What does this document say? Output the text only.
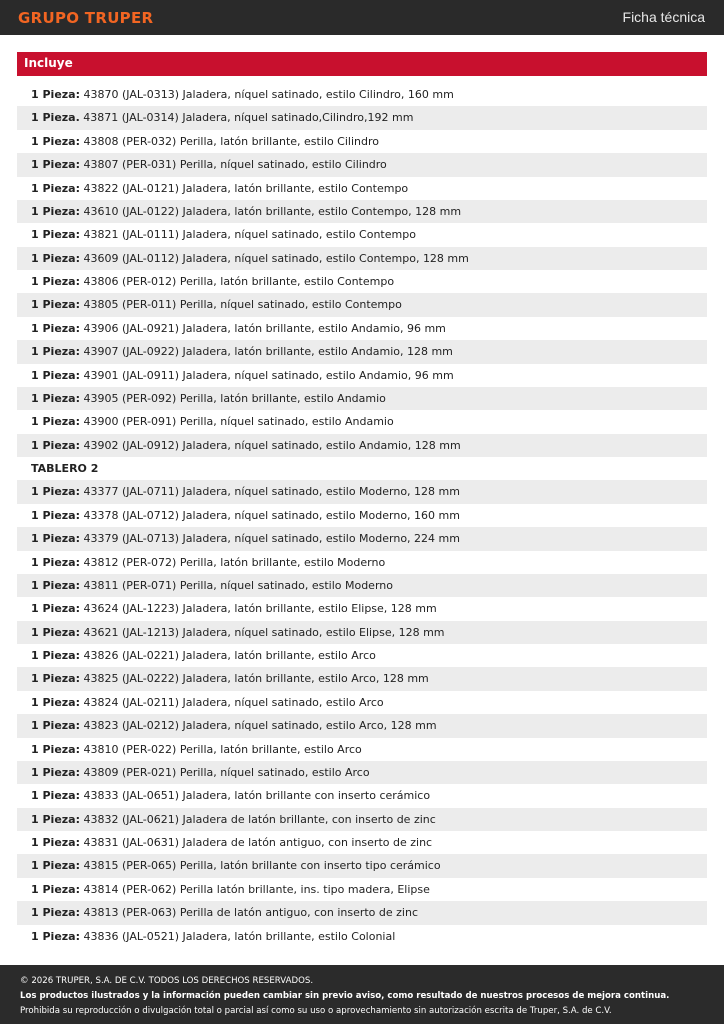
GRUPO TRUPER	Ficha técnica
Incluye
1 Pieza: 43870 (JAL-0313) Jaladera, níquel satinado, estilo Cilindro, 160 mm
1 Pieza. 43871 (JAL-0314) Jaladera, níquel satinado,Cilindro,192 mm
1 Pieza: 43808 (PER-032) Perilla, latón brillante, estilo Cilindro
1 Pieza: 43807 (PER-031) Perilla, níquel satinado, estilo Cilindro
1 Pieza: 43822 (JAL-0121) Jaladera, latón brillante, estilo Contempo
1 Pieza: 43610 (JAL-0122) Jaladera, latón brillante, estilo Contempo, 128 mm
1 Pieza: 43821 (JAL-0111) Jaladera, níquel satinado, estilo Contempo
1 Pieza: 43609 (JAL-0112) Jaladera, níquel satinado, estilo Contempo, 128 mm
1 Pieza: 43806 (PER-012) Perilla, latón brillante, estilo Contempo
1 Pieza: 43805 (PER-011) Perilla, níquel satinado, estilo Contempo
1 Pieza: 43906 (JAL-0921) Jaladera, latón brillante, estilo Andamio, 96 mm
1 Pieza: 43907 (JAL-0922) Jaladera, latón brillante, estilo Andamio, 128 mm
1 Pieza: 43901 (JAL-0911) Jaladera, níquel satinado, estilo Andamio, 96 mm
1 Pieza: 43905 (PER-092) Perilla, latón brillante, estilo Andamio
1 Pieza: 43900 (PER-091) Perilla, níquel satinado, estilo Andamio
1 Pieza: 43902 (JAL-0912) Jaladera, níquel satinado, estilo Andamio, 128 mm
TABLERO 2
1 Pieza: 43377 (JAL-0711) Jaladera, níquel satinado, estilo Moderno, 128 mm
1 Pieza: 43378 (JAL-0712) Jaladera, níquel satinado, estilo Moderno, 160 mm
1 Pieza: 43379 (JAL-0713) Jaladera, níquel satinado, estilo Moderno, 224 mm
1 Pieza: 43812 (PER-072) Perilla, latón brillante, estilo Moderno
1 Pieza: 43811 (PER-071) Perilla, níquel satinado, estilo Moderno
1 Pieza: 43624 (JAL-1223) Jaladera, latón brillante, estilo Elipse, 128 mm
1 Pieza: 43621 (JAL-1213) Jaladera, níquel satinado, estilo Elipse, 128 mm
1 Pieza: 43826 (JAL-0221) Jaladera, latón brillante, estilo Arco
1 Pieza: 43825 (JAL-0222) Jaladera, latón brillante, estilo Arco, 128 mm
1 Pieza: 43824 (JAL-0211) Jaladera, níquel satinado, estilo Arco
1 Pieza: 43823 (JAL-0212) Jaladera, níquel satinado, estilo Arco, 128 mm
1 Pieza: 43810 (PER-022) Perilla, latón brillante, estilo Arco
1 Pieza: 43809 (PER-021) Perilla, níquel satinado, estilo Arco
1 Pieza: 43833 (JAL-0651) Jaladera, latón brillante con inserto cerámico
1 Pieza: 43832 (JAL-0621) Jaladera de latón brillante, con inserto de zinc
1 Pieza: 43831 (JAL-0631) Jaladera de latón antiguo, con inserto de zinc
1 Pieza: 43815 (PER-065) Perilla, latón brillante con inserto tipo cerámico
1 Pieza: 43814 (PER-062) Perilla latón brillante, ins. tipo madera, Elipse
1 Pieza: 43813 (PER-063) Perilla de latón antiguo, con inserto de zinc
1 Pieza: 43836 (JAL-0521) Jaladera, latón brillante, estilo Colonial
© 2026 TRUPER, S.A. DE C.V. TODOS LOS DERECHOS RESERVADOS.
Los productos ilustrados y la información pueden cambiar sin previo aviso, como resultado de nuestros procesos de mejora continua.
Prohibida su reproducción o divulgación total o parcial así como su uso o aprovechamiento sin autorización escrita de Truper, S.A. de C.V.
